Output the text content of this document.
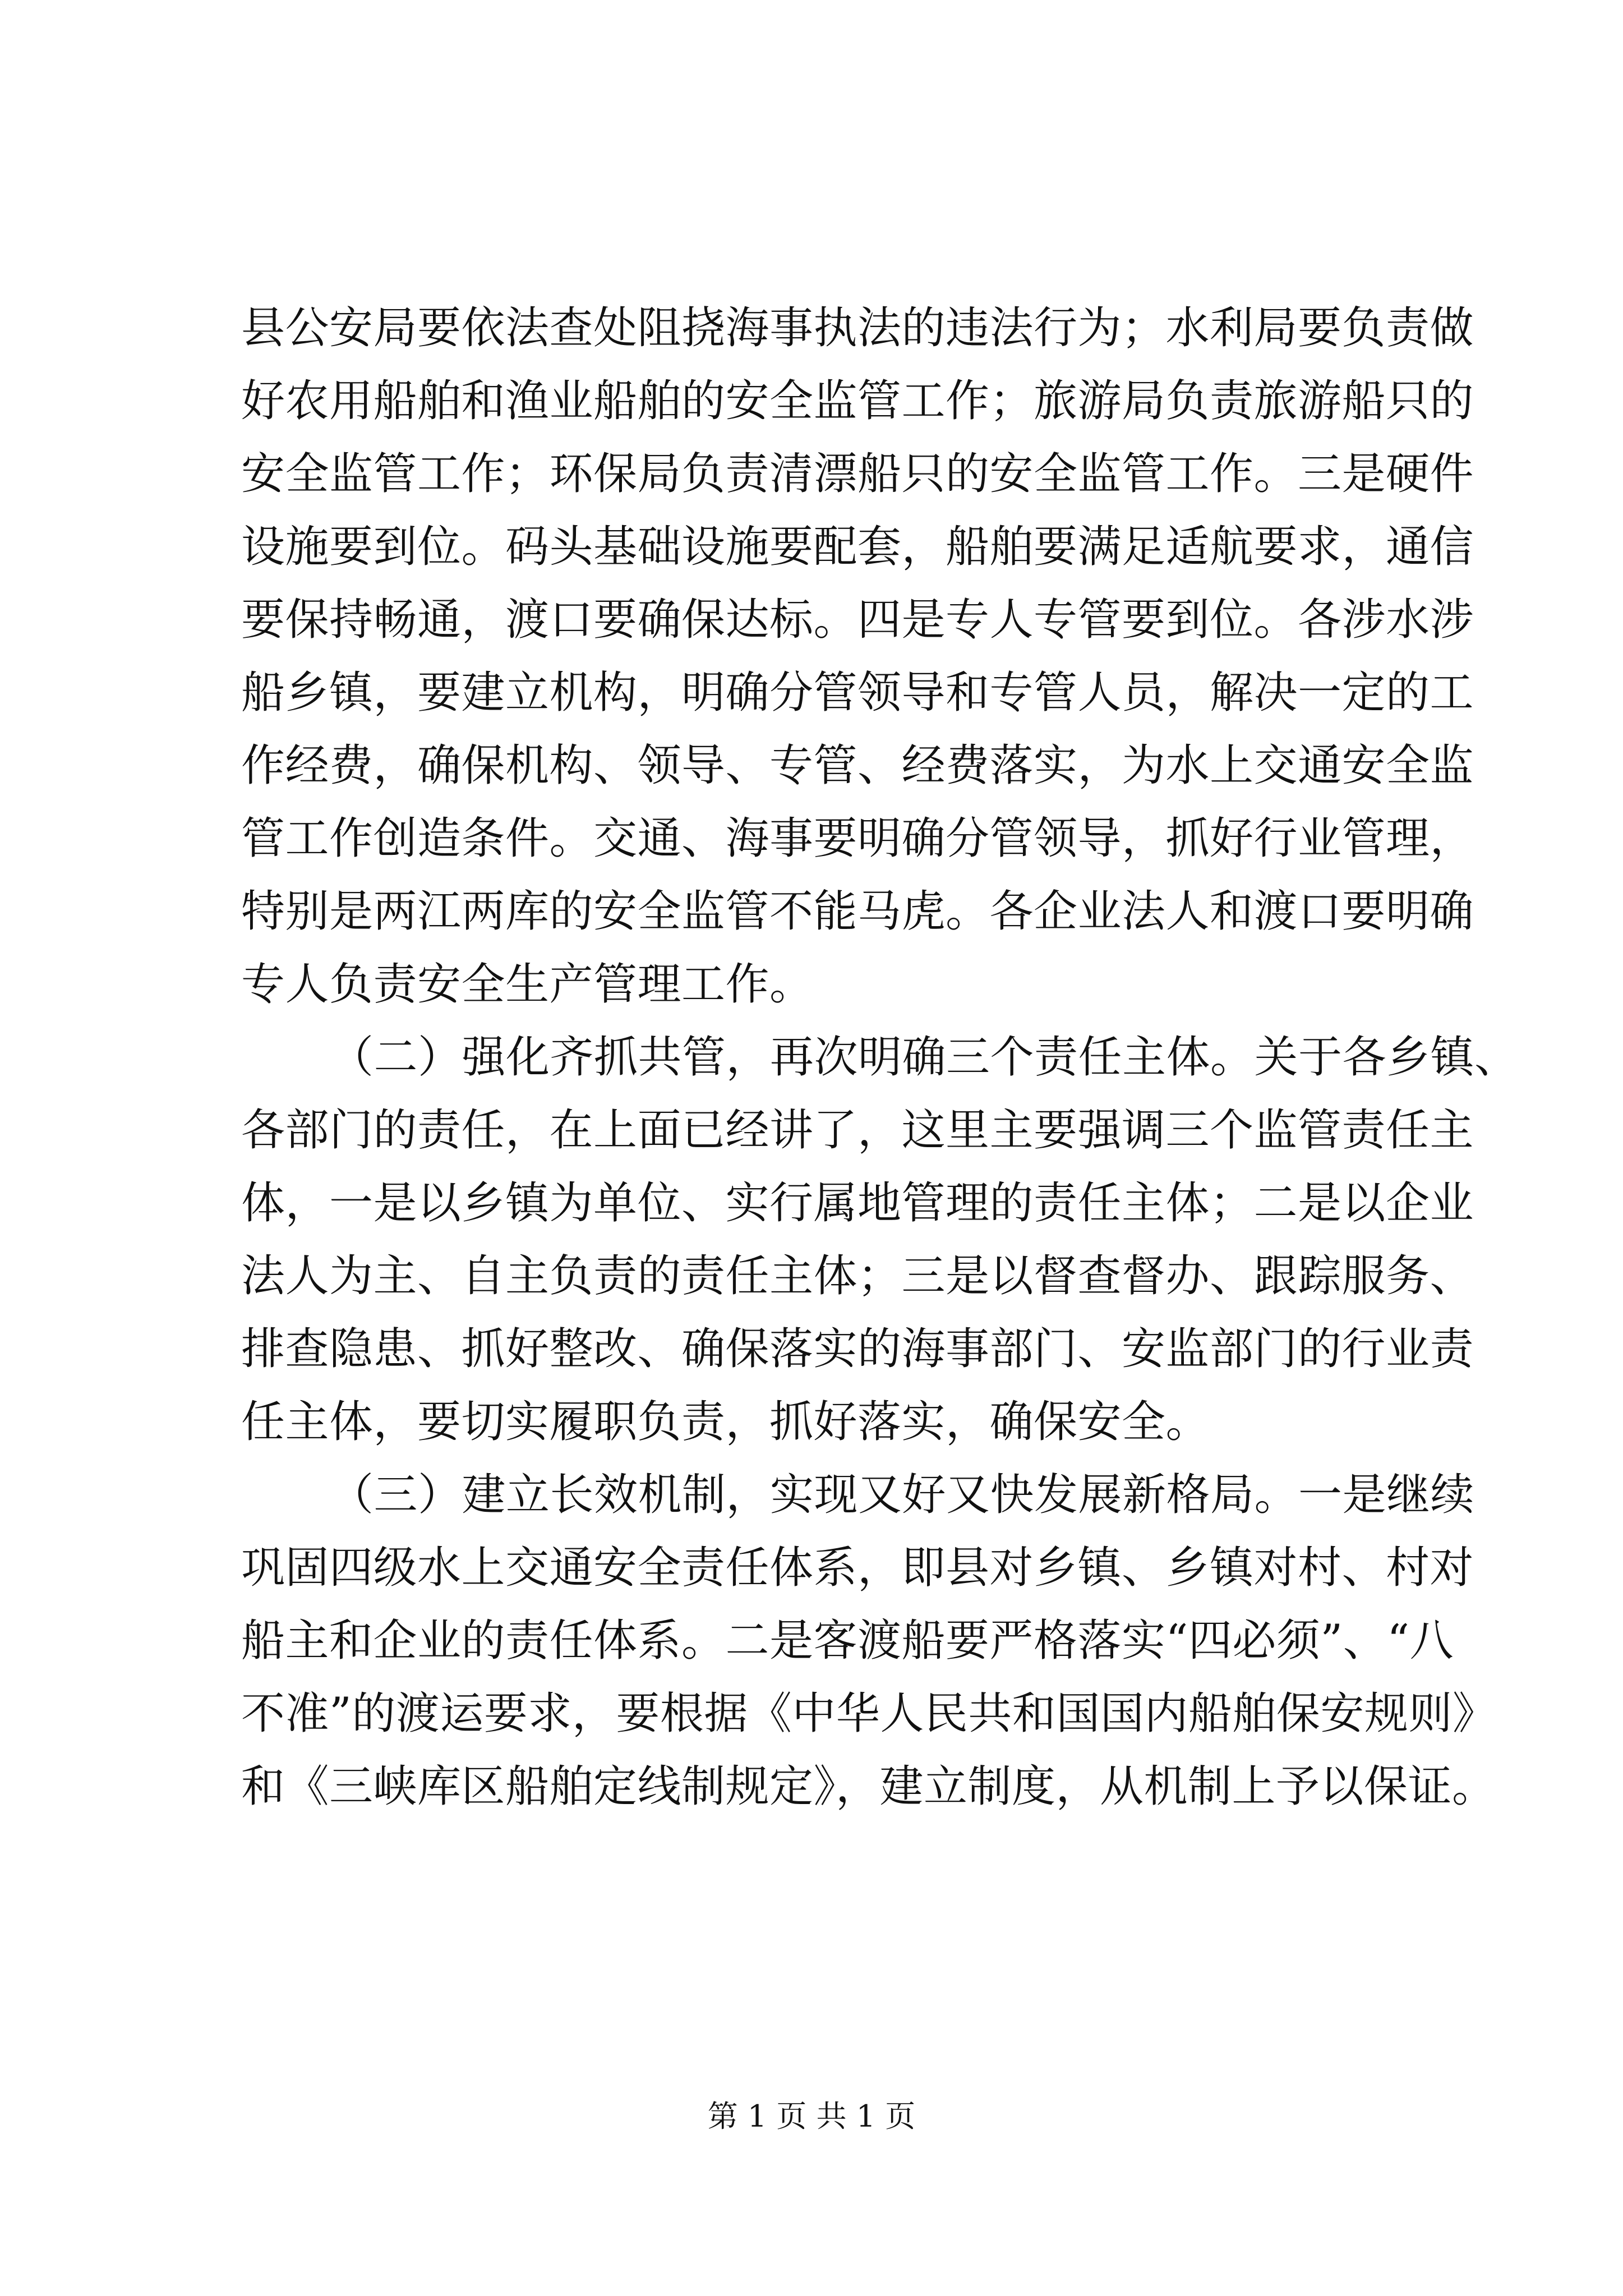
县公安局要依法查处阻挠海事执法的违法行为；水利局要负责做
好农用船舶和渔业船舶的安全监管工作；旅游局负责旅游船只的
安全监管工作；环保局负责清漂船只的安全监管工作。三是硬件
设施要到位。码头基础设施要配套，船舶要满足适航要求，通信
要保持畅通，渡口要确保达标。四是专人专管要到位。各涉水涉
船乡镇，要建立机构，明确分管领导和专管人员，解决一定的工
作经费，确保机构、领导、专管、经费落实，为水上交通安全监
管工作创造条件。交通、海事要明确分管领导，抓好行业管理，
特别是两江两库的安全监管不能马虎。各企业法人和渡口要明确
专人负责安全生产管理工作。
（二）强化齐抓共管，再次明确三个责任主体。关于各乡镇、
各部门的责任，在上面已经讲了，这里主要强调三个监管责任主
体，一是以乡镇为单位、实行属地管理的责任主体；二是以企业
法人为主、自主负责的责任主体；三是以督查督办、跟踪服务、
排查隐患、抓好整改、确保落实的海事部门、安监部门的行业责
任主体，要切实履职负责，抓好落实，确保安全。
（三）建立长效机制，实现又好又快发展新格局。一是继续
巩固四级水上交通安全责任体系，即县对乡镇、乡镇对村、村对
船主和企业的责任体系。二是客渡船要严格落实“四必须”、“八
不准”的渡运要求，要根据《中华人民共和国国内船舶保安规则》
和《三峡库区船舶定线制规定》，建立制度，从机制上予以保证。
第 1 页 共 1 页
